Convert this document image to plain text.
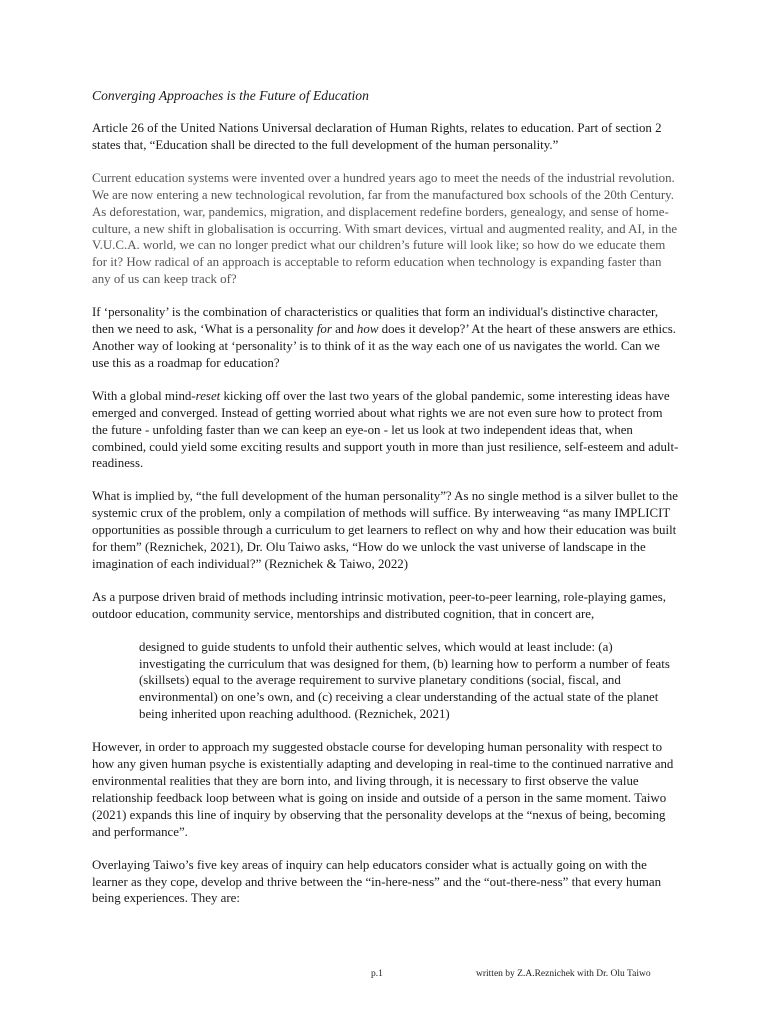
Converging Approaches is the Future of Education

Article 26 of the United Nations Universal declaration of Human Rights, relates to education. Part of section 2 states that, “Education shall be directed to the full development of the human personality.”

Current education systems were invented over a hundred years ago to meet the needs of the industrial revolution. We are now entering a new technological revolution, far from the manufactured box schools of the 20th Century. As deforestation, war, pandemics, migration, and displacement redefine borders, genealogy, and sense of home-culture, a new shift in globalisation is occurring. With smart devices, virtual and augmented reality, and AI, in the V.U.C.A. world, we can no longer predict what our children’s future will look like; so how do we educate them for it? How radical of an approach is acceptable to reform education when technology is expanding faster than any of us can keep track of?

If ‘personality’ is the combination of characteristics or qualities that form an individual's distinctive character, then we need to ask, ‘What is a personality for and how does it develop?’ At the heart of these answers are ethics. Another way of looking at ‘personality’ is to think of it as the way each one of us navigates the world. Can we use this as a roadmap for education?

With a global mind-reset kicking off over the last two years of the global pandemic, some interesting ideas have emerged and converged. Instead of getting worried about what rights we are not even sure how to protect from the future - unfolding faster than we can keep an eye-on - let us look at two independent ideas that, when combined, could yield some exciting results and support youth in more than just resilience, self-esteem and adult-readiness.

What is implied by, “the full development of the human personality”? As no single method is a silver bullet to the systemic crux of the problem, only a compilation of methods will suffice. By interweaving “as many IMPLICIT opportunities as possible through a curriculum to get learners to reflect on why and how their education was built for them” (Reznichek, 2021), Dr. Olu Taiwo asks, “How do we unlock the vast universe of landscape in the imagination of each individual?” (Reznichek & Taiwo, 2022)

As a purpose driven braid of methods including intrinsic motivation, peer-to-peer learning, role-playing games, outdoor education, community service, mentorships and distributed cognition, that in concert are,

designed to guide students to unfold their authentic selves, which would at least include: (a) investigating the curriculum that was designed for them, (b) learning how to perform a number of feats (skillsets) equal to the average requirement to survive planetary conditions (social, fiscal, and environmental) on one’s own, and (c) receiving a clear understanding of the actual state of the planet being inherited upon reaching adulthood. (Reznichek, 2021)

However, in order to approach my suggested obstacle course for developing human personality with respect to how any given human psyche is existentially adapting and developing in real-time to the continued narrative and environmental realities that they are born into, and living through, it is necessary to first observe the value relationship feedback loop between what is going on inside and outside of a person in the same moment. Taiwo (2021) expands this line of inquiry by observing that the personality develops at the “nexus of being, becoming and performance”.

Overlaying Taiwo’s five key areas of inquiry can help educators consider what is actually going on with the learner as they cope, develop and thrive between the “in-here-ness” and the “out-there-ness” that every human being experiences. They are:

p.1	written by Z.A.Reznichek with Dr. Olu Taiwo
